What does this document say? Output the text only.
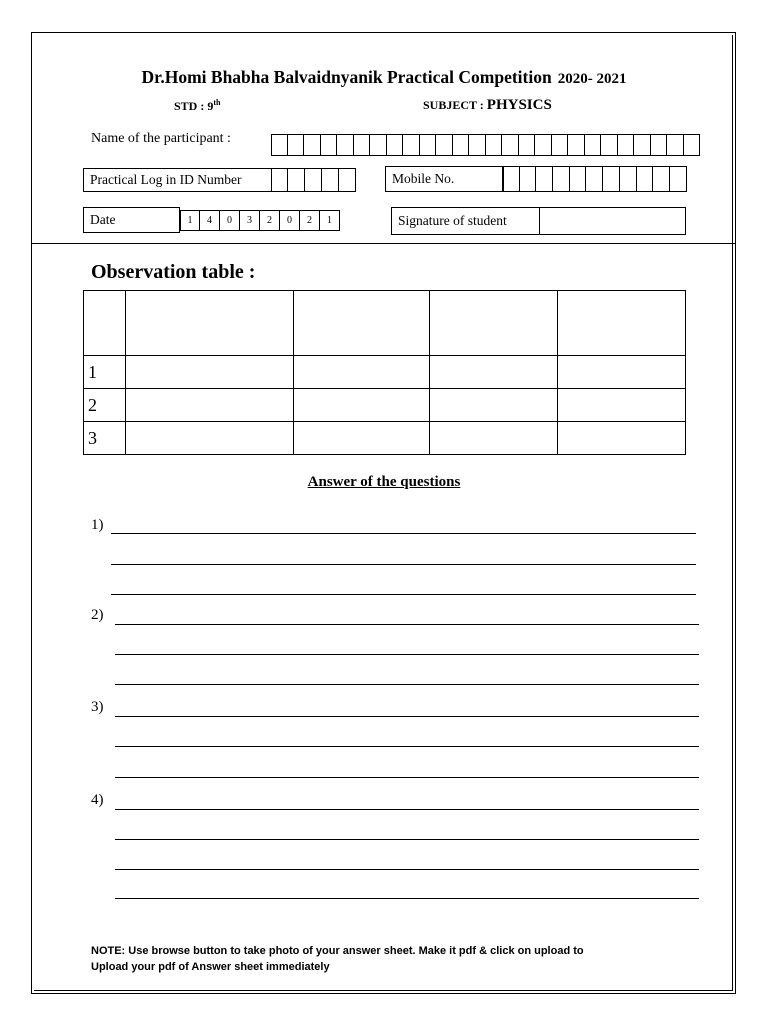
Dr.Homi Bhabha Balvaidnyanik Practical Competition 2020- 2021
STD : 9th	SUBJECT : PHYSICS
Name of the participant :
Practical Log in ID Number	Mobile No.
Date	1	4	0	3	2	0	2	1	Signature of student
Observation table :

1				
2				
3				
Answer of the questions
1)
2)
3)
4)
NOTE: Use browse button to take photo of your answer sheet. Make it pdf & click on upload to
Upload your pdf of Answer sheet immediately
